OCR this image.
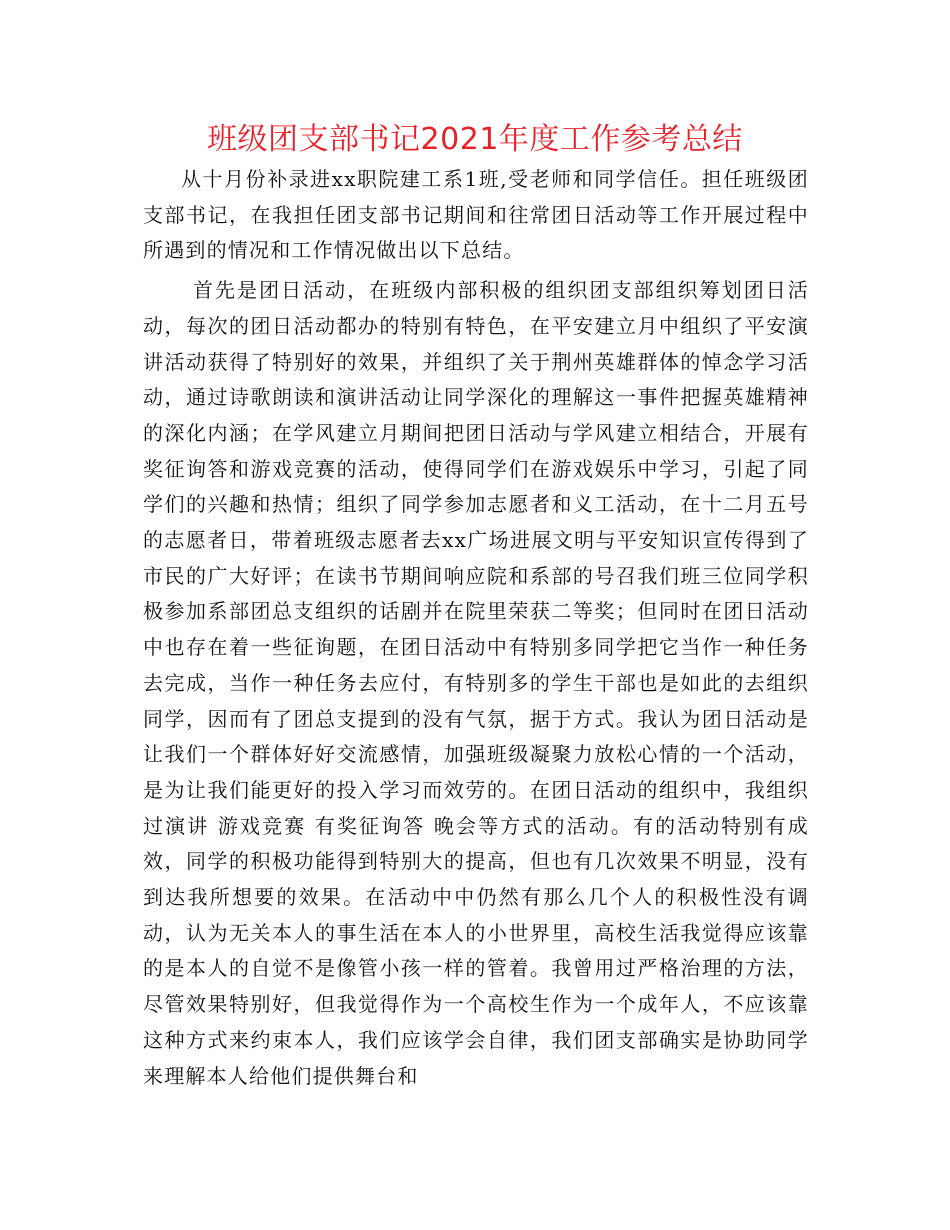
班级团支部书记2021年度工作参考总结

从十月份补录进xx职院建工系1班,受老师和同学信任。担任班级团支部书记，在我担任团支部书记期间和往常团日活动等工作开展过程中所遇到的情况和工作情况做出以下总结。

首先是团日活动，在班级内部积极的组织团支部组织筹划团日活动，每次的团日活动都办的特别有特色，在平安建立月中组织了平安演讲活动获得了特别好的效果，并组织了关于荆州英雄群体的悼念学习活动，通过诗歌朗读和演讲活动让同学深化的理解这一事件把握英雄精神的深化内涵；在学风建立月期间把团日活动与学风建立相结合，开展有奖征询答和游戏竞赛的活动，使得同学们在游戏娱乐中学习，引起了同学们的兴趣和热情；组织了同学参加志愿者和义工活动，在十二月五号的志愿者日，带着班级志愿者去xx广场进展文明与平安知识宣传得到了市民的广大好评；在读书节期间响应院和系部的号召我们班三位同学积极参加系部团总支组织的话剧并在院里荣获二等奖；但同时在团日活动中也存在着一些征询题，在团日活动中有特别多同学把它当作一种任务去完成，当作一种任务去应付，有特别多的学生干部也是如此的去组织同学，因而有了团总支提到的没有气氛，据于方式。我认为团日活动是让我们一个群体好好交流感情，加强班级凝聚力放松心情的一个活动，是为让我们能更好的投入学习而效劳的。在团日活动的组织中，我组织过演讲 游戏竞赛 有奖征询答 晚会等方式的活动。有的活动特别有成效，同学的积极功能得到特别大的提高，但也有几次效果不明显，没有到达我所想要的效果。在活动中中仍然有那么几个人的积极性没有调动，认为无关本人的事生活在本人的小世界里，高校生活我觉得应该靠的是本人的自觉不是像管小孩一样的管着。我曾用过严格治理的方法，尽管效果特别好，但我觉得作为一个高校生作为一个成年人，不应该靠这种方式来约束本人，我们应该学会自律，我们团支部确实是协助同学来理解本人给他们提供舞台和
